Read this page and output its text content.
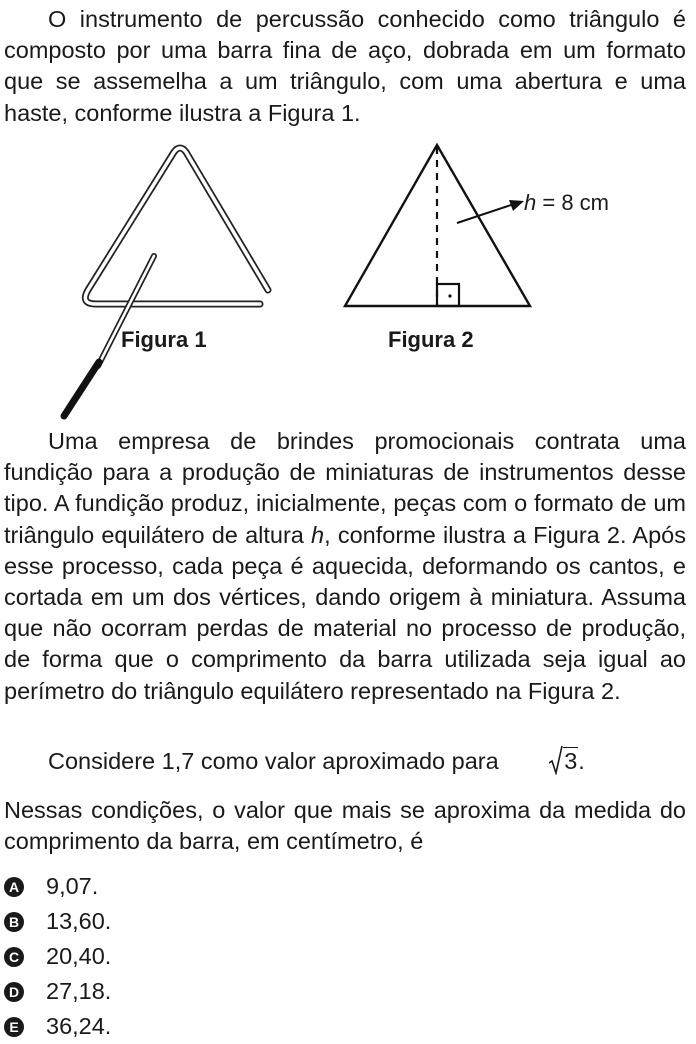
O instrumento de percussão conhecido como triângulo é composto por uma barra fina de aço, dobrada em um formato que se assemelha a um triângulo, com uma abertura e uma haste, conforme ilustra a Figura 1.

h = 8 cm
Figura 1	Figura 2

Uma empresa de brindes promocionais contrata uma fundição para a produção de miniaturas de instrumentos desse tipo. A fundição produz, inicialmente, peças com o formato de um triângulo equilátero de altura h, conforme ilustra a Figura 2. Após esse processo, cada peça é aquecida, deformando os cantos, e cortada em um dos vértices, dando origem à miniatura. Assuma que não ocorram perdas de material no processo de produção, de forma que o comprimento da barra utilizada seja igual ao perímetro do triângulo equilátero representado na Figura 2.

Considere 1,7 como valor aproximado para	3.

Nessas condições, o valor que mais se aproxima da medida do comprimento da barra, em centímetro, é

A 9,07.
B 13,60.
C 20,40.
D 27,18.
E 36,24.
